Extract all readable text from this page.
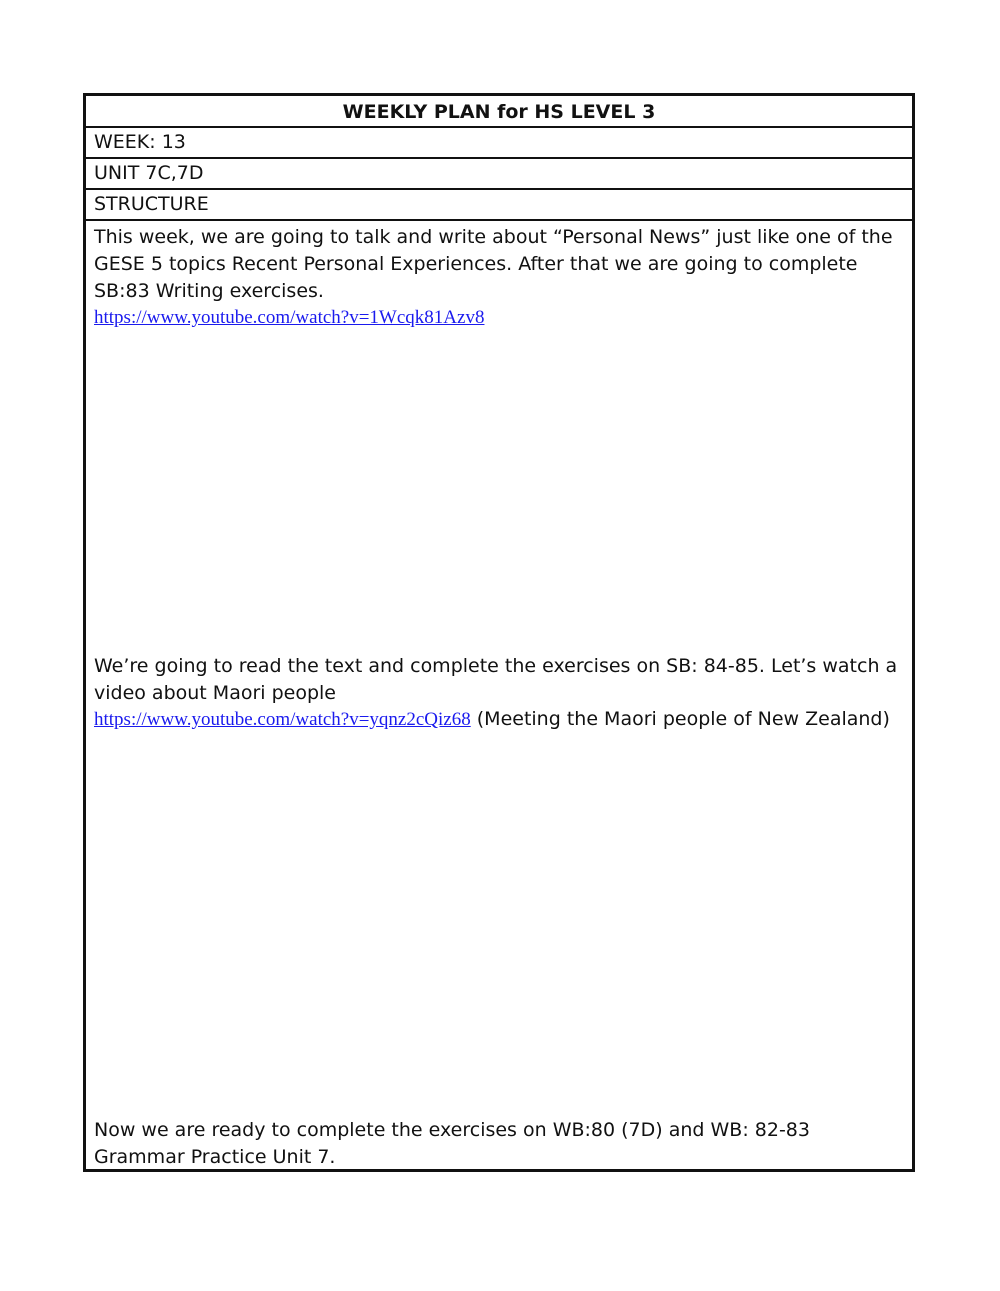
WEEKLY PLAN for HS LEVEL 3
WEEK: 13
UNIT 7C,7D
STRUCTURE

This week, we are going to talk and write about “Personal News” just like one of the GESE 5 topics Recent Personal Experiences. After that we are going to complete SB:83 Writing exercises.

https://www.youtube.com/watch?v=1Wcqk81Azv8

We’re going to read the text and complete the exercises on SB: 84-85. Let’s watch a video about Maori people

https://www.youtube.com/watch?v=yqnz2cQiz68 (Meeting the Maori people of New Zealand)

Now we are ready to complete the exercises on WB:80 (7D) and WB: 82-83 Grammar Practice Unit 7.
